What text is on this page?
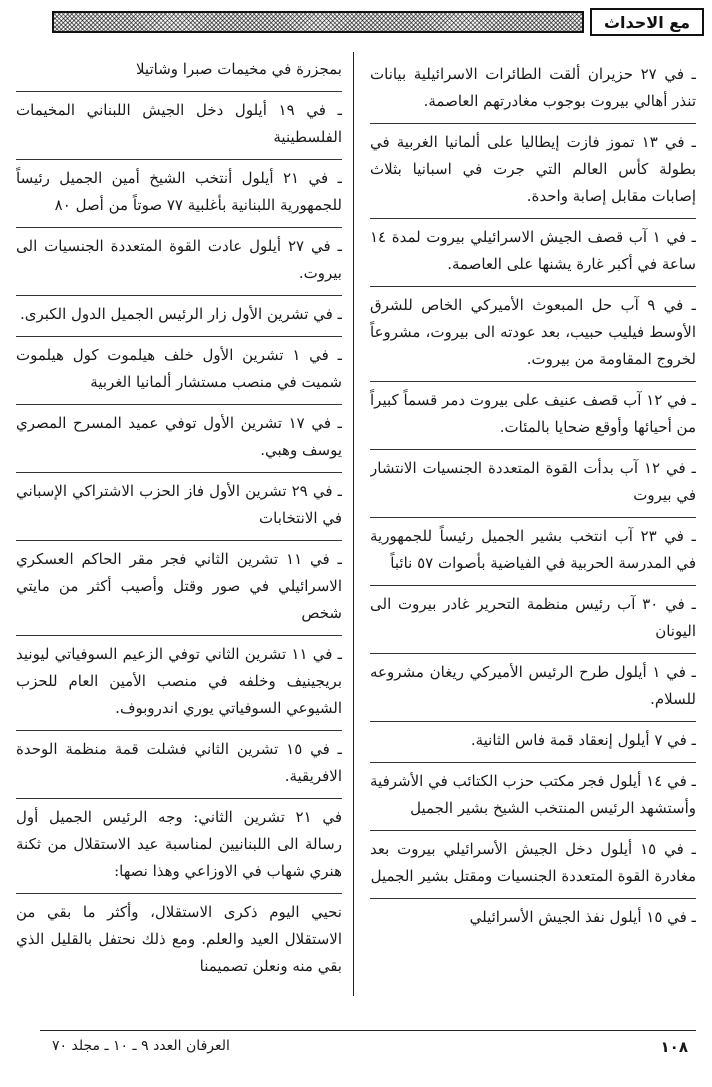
مع الاحداث

ـ في ٢٧ حزيران ألقت الطائرات الاسرائيلية بيانات تنذر أهالي بيروت بوجوب مغادرتهم العاصمة.

ـ في ١٣ تموز فازت إيطاليا على ألمانيا الغربية في بطولة كأس العالم التي جرت في اسبانيا بثلاث إصابات مقابل إصابة واحدة.

ـ في ١ آب قصف الجيش الاسرائيلي بيروت لمدة ١٤ ساعة في أكبر غارة يشنها على العاصمة.

ـ في ٩ آب حل المبعوث الأميركي الخاص للشرق الأوسط فيليب حبيب، بعد عودته الى بيروت، مشروعاً لخروج المقاومة من بيروت.

ـ في ١٢ آب قصف عنيف على بيروت دمر قسماً كبيراً من أحيائها وأوقع ضحايا بالمئات.

ـ في ١٢ آب بدأت القوة المتعددة الجنسيات الانتشار في بيروت

ـ في ٢٣ آب انتخب بشير الجميل رئيساً للجمهورية في المدرسة الحربية في الفياضية بأصوات ٥٧ نائباً

ـ في ٣٠ آب رئيس منظمة التحرير غادر بيروت الى اليونان

ـ في ١ أيلول طرح الرئيس الأميركي ريغان مشروعه للسلام.

ـ في ٧ أيلول إنعقاد قمة فاس الثانية.

ـ في ١٤ أيلول فجر مكتب حزب الكتائب في الأشرفية وأستشهد الرئيس المنتخب الشيخ بشير الجميل

ـ في ١٥ أيلول دخل الجيش الأسرائيلي بيروت بعد مغادرة القوة المتعددة الجنسيات ومقتل بشير الجميل

ـ في ١٥ أيلول نفذ الجيش الأسرائيلي

بمجزرة في مخيمات صبرا وشاتيلا

ـ في ١٩ أيلول دخل الجيش اللبناني المخيمات الفلسطينية

ـ في ٢١ أيلول أنتخب الشيخ أمين الجميل رئيساً للجمهورية اللبنانية بأغلبية ٧٧ صوتاً من أصل ٨٠

ـ في ٢٧ أيلول عادت القوة المتعددة الجنسيات الى بيروت.

ـ في تشرين الأول زار الرئيس الجميل الدول الكبرى.

ـ في ١ تشرين الأول خلف هيلموت كول هيلموت شميت في منصب مستشار ألمانيا الغربية

ـ في ١٧ تشرين الأول توفي عميد المسرح المصري يوسف وهبي.

ـ في ٢٩ تشرين الأول فاز الحزب الاشتراكي الإسباني في الانتخابات

ـ في ١١ تشرين الثاني فجر مقر الحاكم العسكري الاسرائيلي في صور وقتل وأصيب أكثر من مايتي شخص

ـ في ١١ تشرين الثاني توفي الزعيم السوفياتي ليونيد بريجينيف وخلفه في منصب الأمين العام للحزب الشيوعي السوفياتي يوري اندروبوف.

ـ في ١٥ تشرين الثاني فشلت قمة منظمة الوحدة الافريقية.

في ٢١ تشرين الثاني: وجه الرئيس الجميل أول رسالة الى اللبنانيين لمناسبة عيد الاستقلال من ثكنة هنري شهاب في الاوزاعي وهذا نصها:

نحيي اليوم ذكرى الاستقلال، وأكثر ما بقي من الاستقلال العيد والعلم. ومع ذلك نحتفل بالقليل الذي بقي منه ونعلن تصميمنا

١٠٨
العرفان العدد ٩ ـ ١٠ ـ مجلد ٧٠
